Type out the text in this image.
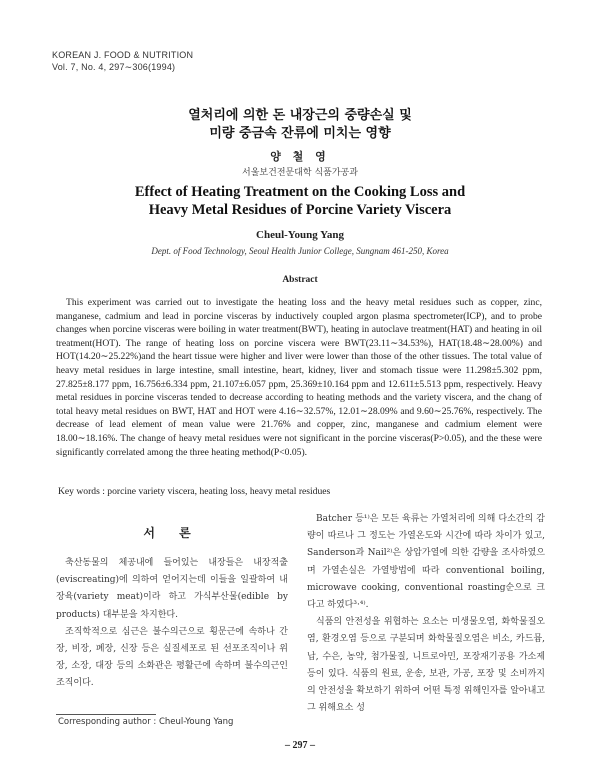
KOREAN J. FOOD & NUTRITION
Vol. 7, No. 4, 297∼306(1994)
열처리에 의한 돈 내장근의 중량손실 및
미량 중금속 잔류에 미치는 영향
양 철 영
서울보건전문대학 식품가공과
Effect of Heating Treatment on the Cooking Loss and
Heavy Metal Residues of Porcine Variety Viscera
Cheul-Young Yang
Dept. of Food Technology, Seoul Health Junior College, Sungnam 461-250, Korea
Abstract

This experiment was carried out to investigate the heating loss and the heavy metal residues such as copper, zinc, manganese, cadmium and lead in porcine visceras by inductively coupled argon plasma spectrometer(ICP), and to probe changes when porcine visceras were boiling in water treatment(BWT), heating in autoclave treatment(HAT) and heating in oil treatment(HOT). The range of heating loss on porcine viscera were BWT(23.11∼34.53%), HAT(18.48∼28.00%) and HOT(14.20∼25.22%)and the heart tissue were higher and liver were lower than those of the other tissues. The total value of heavy metal residues in large intestine, small intestine, heart, kidney, liver and stomach tissue were 11.298±5.302 ppm, 27.825±8.177 ppm, 16.756±6.334 ppm, 21.107±6.057 ppm, 25.369±10.164 ppm and 12.611±5.513 ppm, respectively. Heavy metal residues in porcine visceras tended to decrease according to heating methods and the variety viscera, and the chang of total heavy metal residues on BWT, HAT and HOT were 4.16∼32.57%, 12.01∼28.09% and 9.60∼25.76%, respectively. The decrease of lead element of mean value were 21.76% and copper, zinc, manganese and cadmium element were 18.00∼18.16%. The change of heavy metal residues were not significant in the porcine visceras(P>0.05), and the these were significantly correlated among the three heating method(P<0.05).

Key words : porcine variety viscera, heating loss, heavy metal residues
서 론

축산동물의 체공내에 들어있는 내장들은 내장적출(eviscreating)에 의하여 얻어지는데 이들을 일괄하여 내장육(variety meat)이라 하고 가식부산물(edible by products) 대부분을 차지한다.

조직학적으로 심근은 불수의근으로 횡문근에 속하나 간장, 비장, 폐장, 신장 등은 실질세포로 된 선포조직이나 위장, 소장, 대장 등의 소화관은 평활근에 속하며 불수의근인 조직이다.

Batcher 등¹⁾은 모든 육류는 가열처리에 의해 다소간의 감량이 따르나 그 정도는 가열온도와 시간에 따라 차이가 있고, Sanderson과 Nail²⁾은 상압가열에 의한 감량을 조사하였으며 가열손실은 가열방법에 따라 conventional boiling, microwave cooking, conventional roasting순으로 크다고 하였다³·⁴⁾.

식품의 안전성을 위협하는 요소는 미생물오염, 화학물질오염, 환경오염 등으로 구분되며 화학물질오염은 비소, 카드뮴, 납, 수은, 농약, 첨가물질, 니트로아민, 포장재기공용 가소제 등이 있다. 식품의 원료, 운송, 보관, 가공, 포장 및 소비까지의 안전성을 확보하기 위하여 어떤 특정 위해인자를 알아내고 그 위해요소 성

Corresponding author : Cheul-Young Yang
– 297 –
